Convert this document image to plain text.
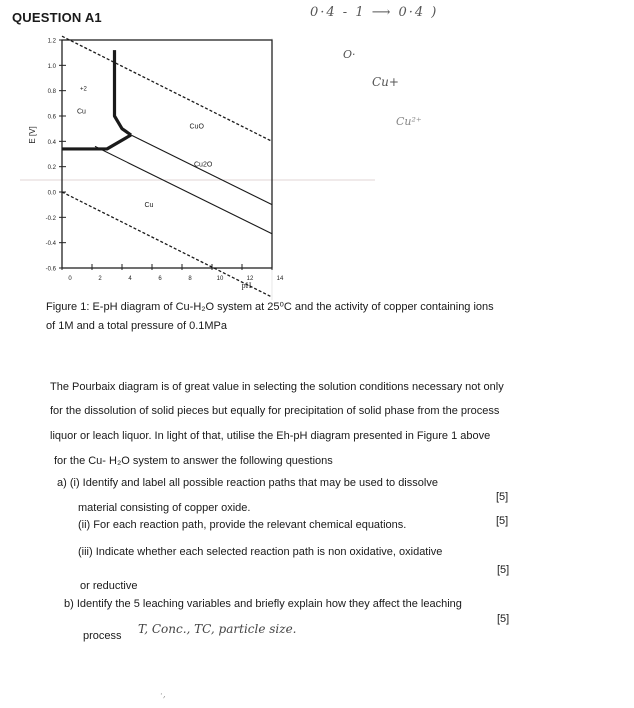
QUESTION A1	0·4 - 1 ⟶ 0·4 )
O·
Cu+
Cu²⁺
1.2
1.0
0.8
0.6
0.4
0.2
0.0
-0.2
-0.4
-0.6
E [V]
0	2	4	6	8	10	12	14
pH
+2
Cu
CuO
Cu2O
Cu
Figure 1: E-pH diagram of Cu-H₂O system at 25⁰C and the activity of copper containing ions
of 1M and a total pressure of 0.1MPa
The Pourbaix diagram is of great value in selecting the solution conditions necessary not only
for the dissolution of solid pieces but equally for precipitation of solid phase from the process
liquor or leach liquor. In light of that, utilise the Eh-pH diagram presented in Figure 1 above
for the Cu- H₂O system to answer the following questions
a) (i) Identify and label all possible reaction paths that may be used to dissolve
material consisting of copper oxide.
[5]
(ii) For each reaction path, provide the relevant chemical equations.	[5]
(iii) Indicate whether each selected reaction path is non oxidative, oxidative
or reductive
[5]
b) Identify the 5 leaching variables and briefly explain how they affect the leaching
process
[5]
T, Conc., TC, particle size.
·,
